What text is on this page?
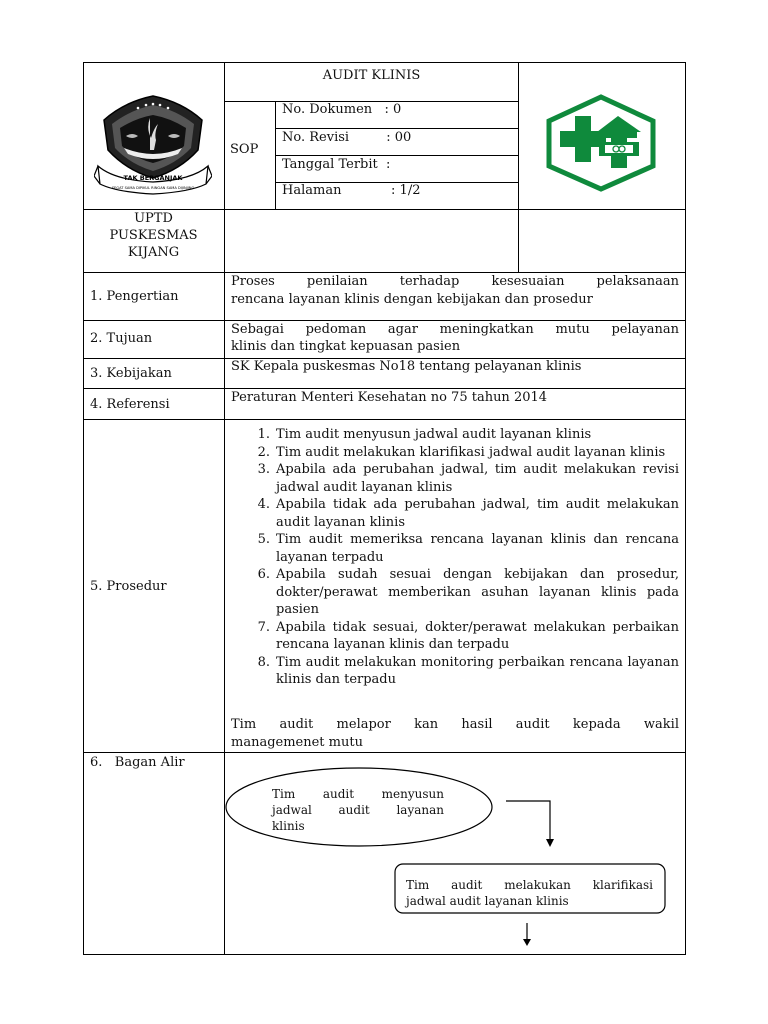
TAK BERGANJAK
SEGAT SAMA DIPIKUL RINGAN SAMA DIJINJING
AUDIT KLINIS
SOP
No. Dokumen   : 0
No. Revisi         : 00
Tanggal Terbit  :
Halaman            : 1/2
UPTD
PUSKESMAS
KIJANG
1. Pengertian
Proses penilaian terhadap kesesuaian pelaksanaan
rencana layanan klinis dengan kebijakan dan prosedur
2. Tujuan
Sebagai pedoman agar meningkatkan mutu pelayanan
klinis dan tingkat kepuasan pasien
3. Kebijakan	SK Kepala puskesmas No18 tentang pelayanan klinis
4. Referensi	Peraturan Menteri Kesehatan no 75 tahun 2014
5. Prosedur
1. Tim audit menyusun jadwal audit layanan klinis
2. Tim audit melakukan klarifikasi jadwal audit layanan klinis
3. Apabila ada perubahan jadwal, tim audit melakukan revisi jadwal audit layanan klinis
4. Apabila tidak ada perubahan jadwal, tim audit melakukan audit layanan klinis
5. Tim audit memeriksa rencana layanan klinis dan rencana layanan terpadu
6. Apabila sudah sesuai dengan kebijakan dan prosedur, dokter/perawat memberikan asuhan layanan klinis pada pasien
7. Apabila tidak sesuai, dokter/perawat melakukan perbaikan rencana layanan klinis dan terpadu
8. Tim audit melakukan monitoring perbaikan rencana layanan klinis dan terpadu
Tim audit melapor kan hasil audit kepada wakil
managemenet mutu
6.   Bagan Alir
Tim audit menyusun
jadwal audit layanan
klinis
Tim audit melakukan klarifikasi
jadwal audit layanan klinis
